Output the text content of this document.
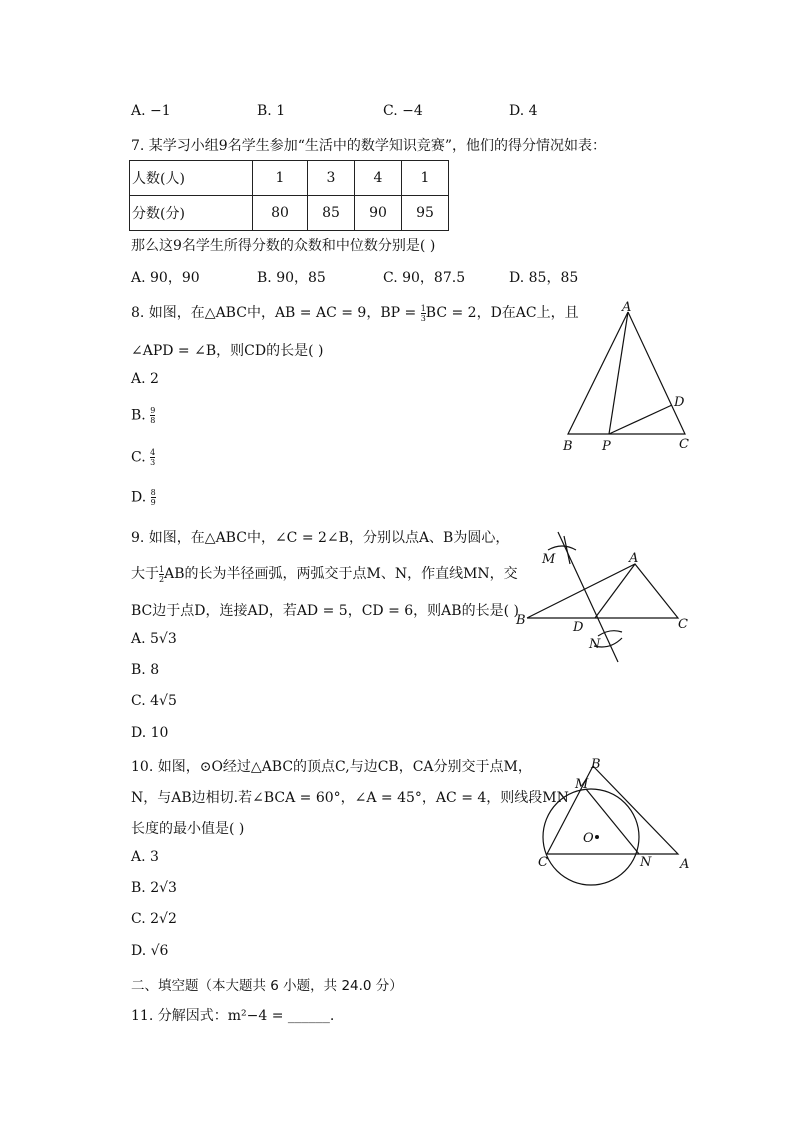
A. −1	B. 1	C. −4	D. 4
7. 某学习小组9名学生参加“生活中的数学知识竞赛”，他们的得分情况如表：
人数(人)	1	3	4	1
分数(分)	80	85	90	95
那么这9名学生所得分数的众数和中位数分别是( )
A. 90，90	B. 90，85	C. 90，87.5	D. 85，85
8. 如图，在△ABC中，AB = AC = 9，BP = $\frac{1}{3}$ BC = 2，D在AC上，且
∠APD = ∠B，则CD的长是( )
A. 2
B. $\frac{9}{8}$
C. $\frac{4}{3}$
D. $\frac{8}{9}$
A
B P	C
D
9. 如图，在△ABC中，∠C = 2∠B，分别以点A、B为圆心，
大于 $\frac{1}{2}$ AB的长为半径画弧，两弧交于点M、N，作直线MN，交
BC边于点D，连接AD，若AD = 5，CD = 6，则AB的长是( )
A. 5√3
B. 8
C. 4√5
D. 10
M	A
B	D	C
N
10. 如图，⊙O经过△ABC的顶点C,与边CB，CA分别交于点M，
N，与AB边相切.若∠BCA = 60°，∠A = 45°，AC = 4，则线段MN
长度的最小值是( )
A. 3
B. 2√3
C. 2√2
D. √6
B
M
O
C	N A
二、填空题（本大题共 6 小题，共 24.0 分）
11. 分解因式：m²−4 = ______.
